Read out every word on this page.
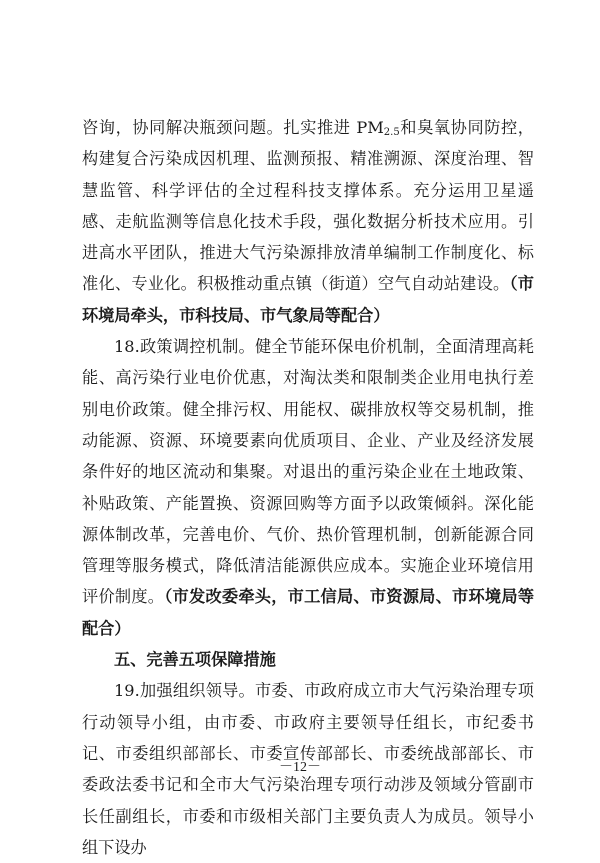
咨询，协同解决瓶颈问题。扎实推进 $PM_{2.5}$和臭氧协同防控，构建复合污染成因机理、监测预报、精准溯源、深度治理、智慧监管、科学评估的全过程科技支撑体系。充分运用卫星遥感、走航监测等信息化技术手段，强化数据分析技术应用。引进高水平团队，推进大气污染源排放清单编制工作制度化、标准化、专业化。积极推动重点镇（街道）空气自动站建设。（市环境局牵头，市科技局、市气象局等配合）

18.政策调控机制。健全节能环保电价机制，全面清理高耗能、高污染行业电价优惠，对淘汰类和限制类企业用电执行差别电价政策。健全排污权、用能权、碳排放权等交易机制，推动能源、资源、环境要素向优质项目、企业、产业及经济发展条件好的地区流动和集聚。对退出的重污染企业在土地政策、补贴政策、产能置换、资源回购等方面予以政策倾斜。深化能源体制改革，完善电价、气价、热价管理机制，创新能源合同管理等服务模式，降低清洁能源供应成本。实施企业环境信用评价制度。（市发改委牵头，市工信局、市资源局、市环境局等配合）

五、完善五项保障措施

19.加强组织领导。市委、市政府成立市大气污染治理专项行动领导小组，由市委、市政府主要领导任组长，市纪委书记、市委组织部部长、市委宣传部部长、市委统战部部长、市委政法委书记和全市大气污染治理专项行动涉及领域分管副市长任副组长，市委和市级相关部门主要负责人为成员。领导小组下设办

－12－
